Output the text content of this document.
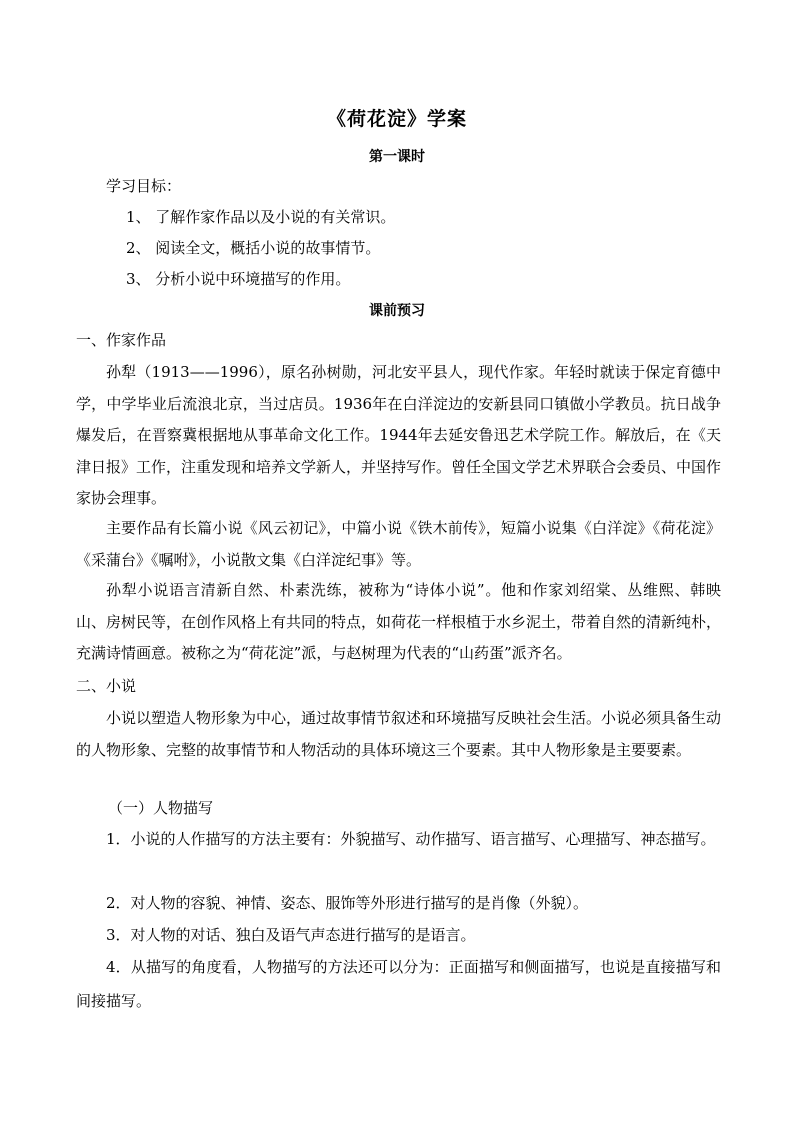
《荷花淀》学案
第一课时
学习目标：
1、 了解作家作品以及小说的有关常识。
2、 阅读全文，概括小说的故事情节。
3、 分析小说中环境描写的作用。
课前预习
一、作家作品
孙犁（1913——1996），原名孙树勋，河北安平县人，现代作家。年轻时就读于保定育德中学，中学毕业后流浪北京，当过店员。1936年在白洋淀边的安新县同口镇做小学教员。抗日战争爆发后，在晋察冀根据地从事革命文化工作。1944年去延安鲁迅艺术学院工作。解放后，在《天津日报》工作，注重发现和培养文学新人，并坚持写作。曾任全国文学艺术界联合会委员、中国作家协会理事。
主要作品有长篇小说《风云初记》，中篇小说《铁木前传》，短篇小说集《白洋淀》《荷花淀》《采蒲台》《嘱咐》，小说散文集《白洋淀纪事》等。
孙犁小说语言清新自然、朴素洗练，被称为“诗体小说”。他和作家刘绍棠、丛维熙、韩映山、房树民等，在创作风格上有共同的特点，如荷花一样根植于水乡泥土，带着自然的清新纯朴，充满诗情画意。被称之为“荷花淀”派，与赵树理为代表的“山药蛋”派齐名。
二、小说
小说以塑造人物形象为中心，通过故事情节叙述和环境描写反映社会生活。小说必须具备生动的人物形象、完整的故事情节和人物活动的具体环境这三个要素。其中人物形象是主要要素。
（一）人物描写
1．小说的人作描写的方法主要有：外貌描写、动作描写、语言描写、心理描写、神态描写。
2．对人物的容貌、神情、姿态、服饰等外形进行描写的是肖像（外貌）。
3．对人物的对话、独白及语气声态进行描写的是语言。
4．从描写的角度看，人物描写的方法还可以分为：正面描写和侧面描写，也说是直接描写和间接描写。
